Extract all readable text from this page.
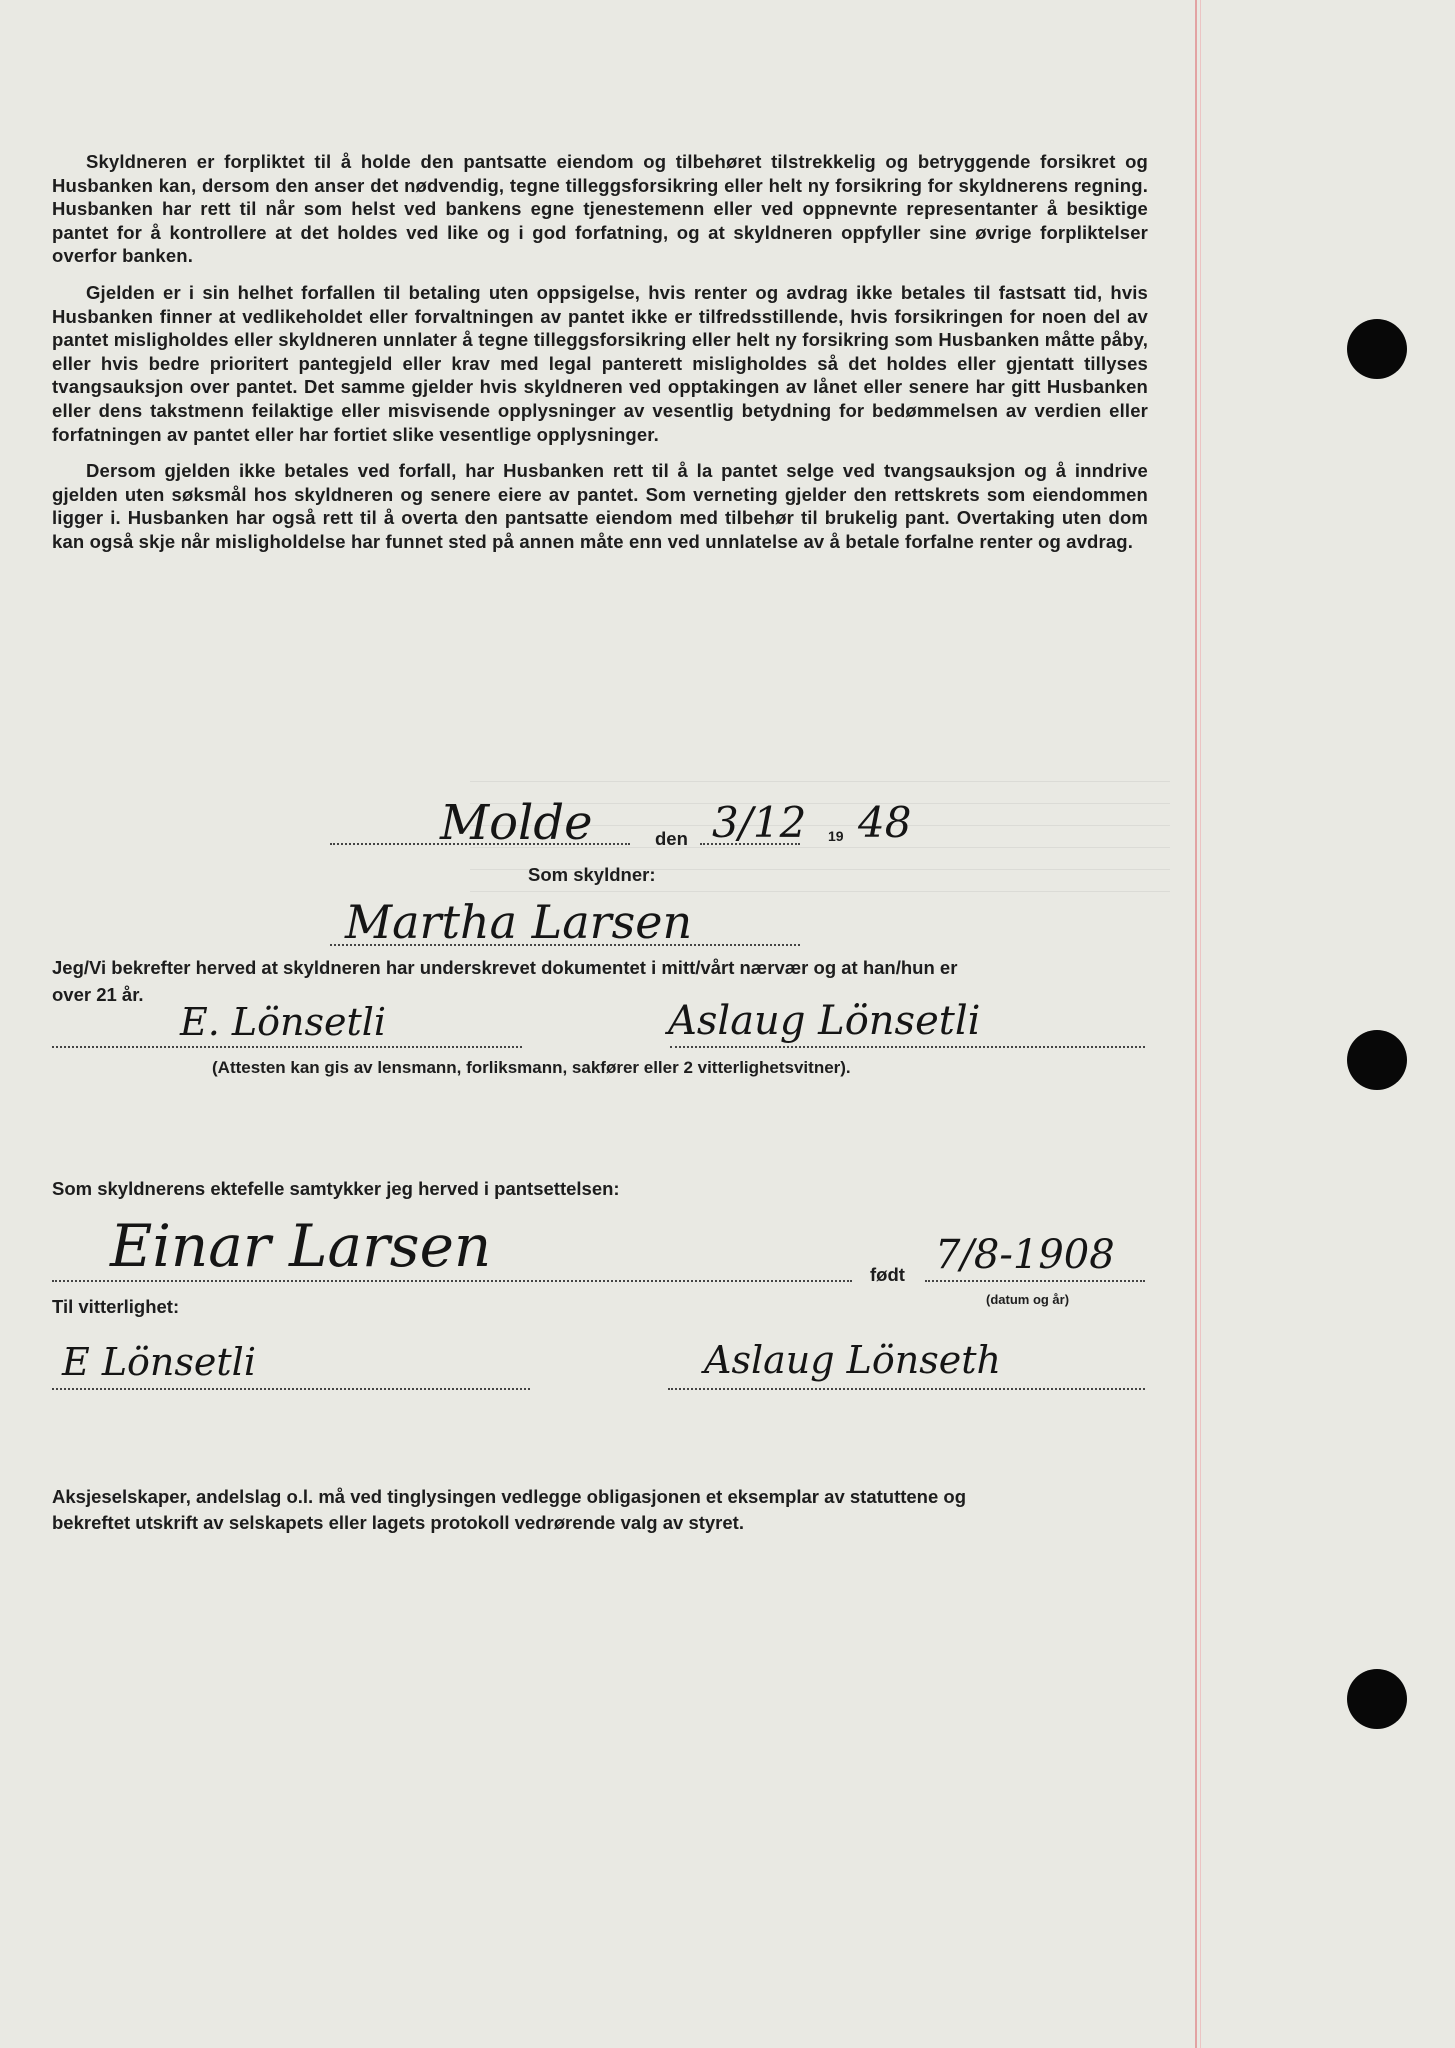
Skyldneren er forpliktet til å holde den pantsatte eiendom og tilbehøret tilstrekkelig og betryggende forsikret og Husbanken kan, dersom den anser det nødvendig, tegne tilleggsforsikring eller helt ny forsikring for skyldnerens regning. Husbanken har rett til når som helst ved bankens egne tjenestemenn eller ved oppnevnte representanter å besiktige pantet for å kontrollere at det holdes ved like og i god forfatning, og at skyldneren oppfyller sine øvrige forpliktelser overfor banken.

Gjelden er i sin helhet forfallen til betaling uten oppsigelse, hvis renter og avdrag ikke betales til fastsatt tid, hvis Husbanken finner at vedlikeholdet eller forvaltningen av pantet ikke er tilfredsstillende, hvis forsikringen for noen del av pantet misligholdes eller skyldneren unnlater å tegne tilleggsforsikring eller helt ny forsikring som Husbanken måtte påby, eller hvis bedre prioritert pantegjeld eller krav med legal panterett misligholdes så det holdes eller gjentatt tillyses tvangsauksjon over pantet. Det samme gjelder hvis skyldneren ved opptakingen av lånet eller senere har gitt Husbanken eller dens takstmenn feilaktige eller misvisende opplysninger av vesentlig betydning for bedømmelsen av verdien eller forfatningen av pantet eller har fortiet slike vesentlige opplysninger.

Dersom gjelden ikke betales ved forfall, har Husbanken rett til å la pantet selge ved tvangsauksjon og å inndrive gjelden uten søksmål hos skyldneren og senere eiere av pantet. Som verneting gjelder den rettskrets som eiendommen ligger i. Husbanken har også rett til å overta den pantsatte eiendom med tilbehør til brukelig pant. Overtaking uten dom kan også skje når misligholdelse har funnet sted på annen måte enn ved unnlatelse av å betale forfalne renter og avdrag.

Molde	den 3/12 19 48
Som skyldner:
Martha Larsen
Jeg/Vi bekrefter herved at skyldneren har underskrevet dokumentet i mitt/vårt nærvær og at han/hun er
over 21 år.
E. Lönsetli	Aslaug Lönsetli
(Attesten kan gis av lensmann, forliksmann, sakfører eller 2 vitterlighetsvitner).
Som skyldnerens ektefelle samtykker jeg herved i pantsettelsen:
Einar Larsen	født 7/8-1908
(datum og år)
Til vitterlighet:
E Lönsetli	Aslaug Lönseth
Aksjeselskaper, andelslag o.l. må ved tinglysingen vedlegge obligasjonen et eksemplar av statuttene og
bekreftet utskrift av selskapets eller lagets protokoll vedrørende valg av styret.
